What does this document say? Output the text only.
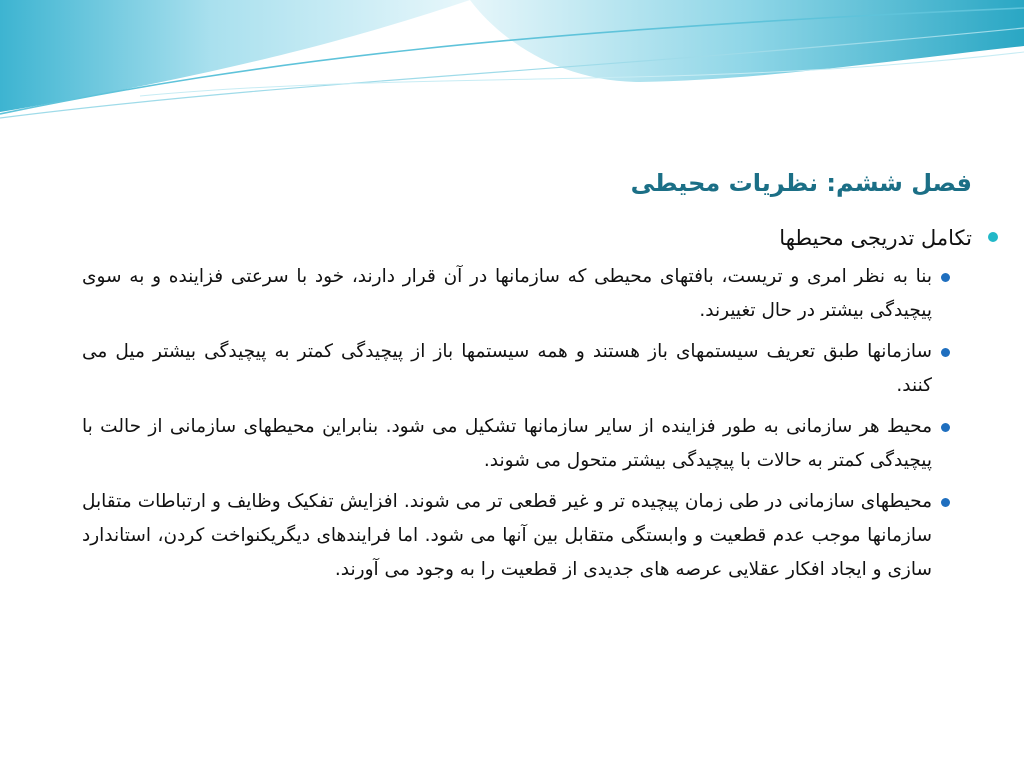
فصل ششم: نظریات محیطی

تکامل تدریجی محیطها

بنا به نظر امری و تریست، بافتهای محیطی که سازمانها در آن قرار دارند، خود با سرعتی فزاینده و به سوی پیچیدگی بیشتر در حال تغییرند.

سازمانها طبق تعریف سیستمهای باز هستند و همه سیستمها باز از پیچیدگی کمتر به پیچیدگی بیشتر میل می کنند.

محیط هر سازمانی به طور فزاینده از سایر سازمانها تشکیل می شود. بنابراین محیطهای سازمانی از حالت با پیچیدگی کمتر به حالات با پیچیدگی بیشتر متحول می شوند.

محیطهای سازمانی در طی زمان پیچیده تر و غیر قطعی تر می شوند. افزایش تفکیک وظایف و ارتباطات متقابل سازمانها موجب عدم قطعیت و وابستگی متقابل بین آنها می شود. اما فرایندهای دیگریکنواخت کردن، استاندارد سازی و ایجاد افکار عقلایی عرصه های جدیدی از قطعیت را به وجود می آورند.
